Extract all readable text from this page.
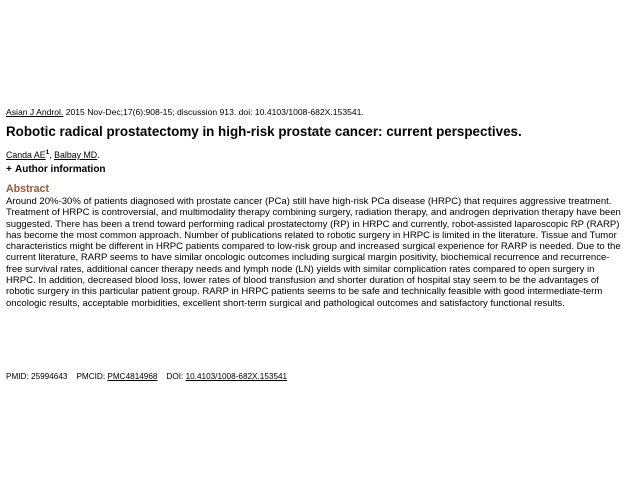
Asian J Androl. 2015 Nov-Dec;17(6):908-15; discussion 913. doi: 10.4103/1008-682X.153541.
Robotic radical prostatectomy in high-risk prostate cancer: current perspectives.
Canda $AE^1$, Balbay MD.
+ Author information
Abstract

Around 20%-30% of patients diagnosed with prostate cancer (PCa) still have high-risk PCa disease (HRPC) that requires aggressive treatment. Treatment of HRPC is controversial, and multimodality therapy combining surgery, radiation therapy, and androgen deprivation therapy have been suggested. There has been a trend toward performing radical prostatectomy (RP) in HRPC and currently, robot-assisted laparoscopic RP (RARP) has become the most common approach. Number of publications related to robotic surgery in HRPC is limited in the literature. Tissue and Tumor characteristics might be different in HRPC patients compared to low-risk group and increased surgical experience for RARP is needed. Due to the current literature, RARP seems to have similar oncologic outcomes including surgical margin positivity, biochemical recurrence and recurrence-free survival rates, additional cancer therapy needs and lymph node (LN) yields with similar complication rates compared to open surgery in HRPC. In addition, decreased blood loss, lower rates of blood transfusion and shorter duration of hospital stay seem to be the advantages of robotic surgery in this particular patient group. RARP in HRPC patients seems to be safe and technically feasible with good intermediate-term oncologic results, acceptable morbidities, excellent short-term surgical and pathological outcomes and satisfactory functional results.

PMID: 25994643 PMCID: PMC4814968 DOI: 10.4103/1008-682X.153541
